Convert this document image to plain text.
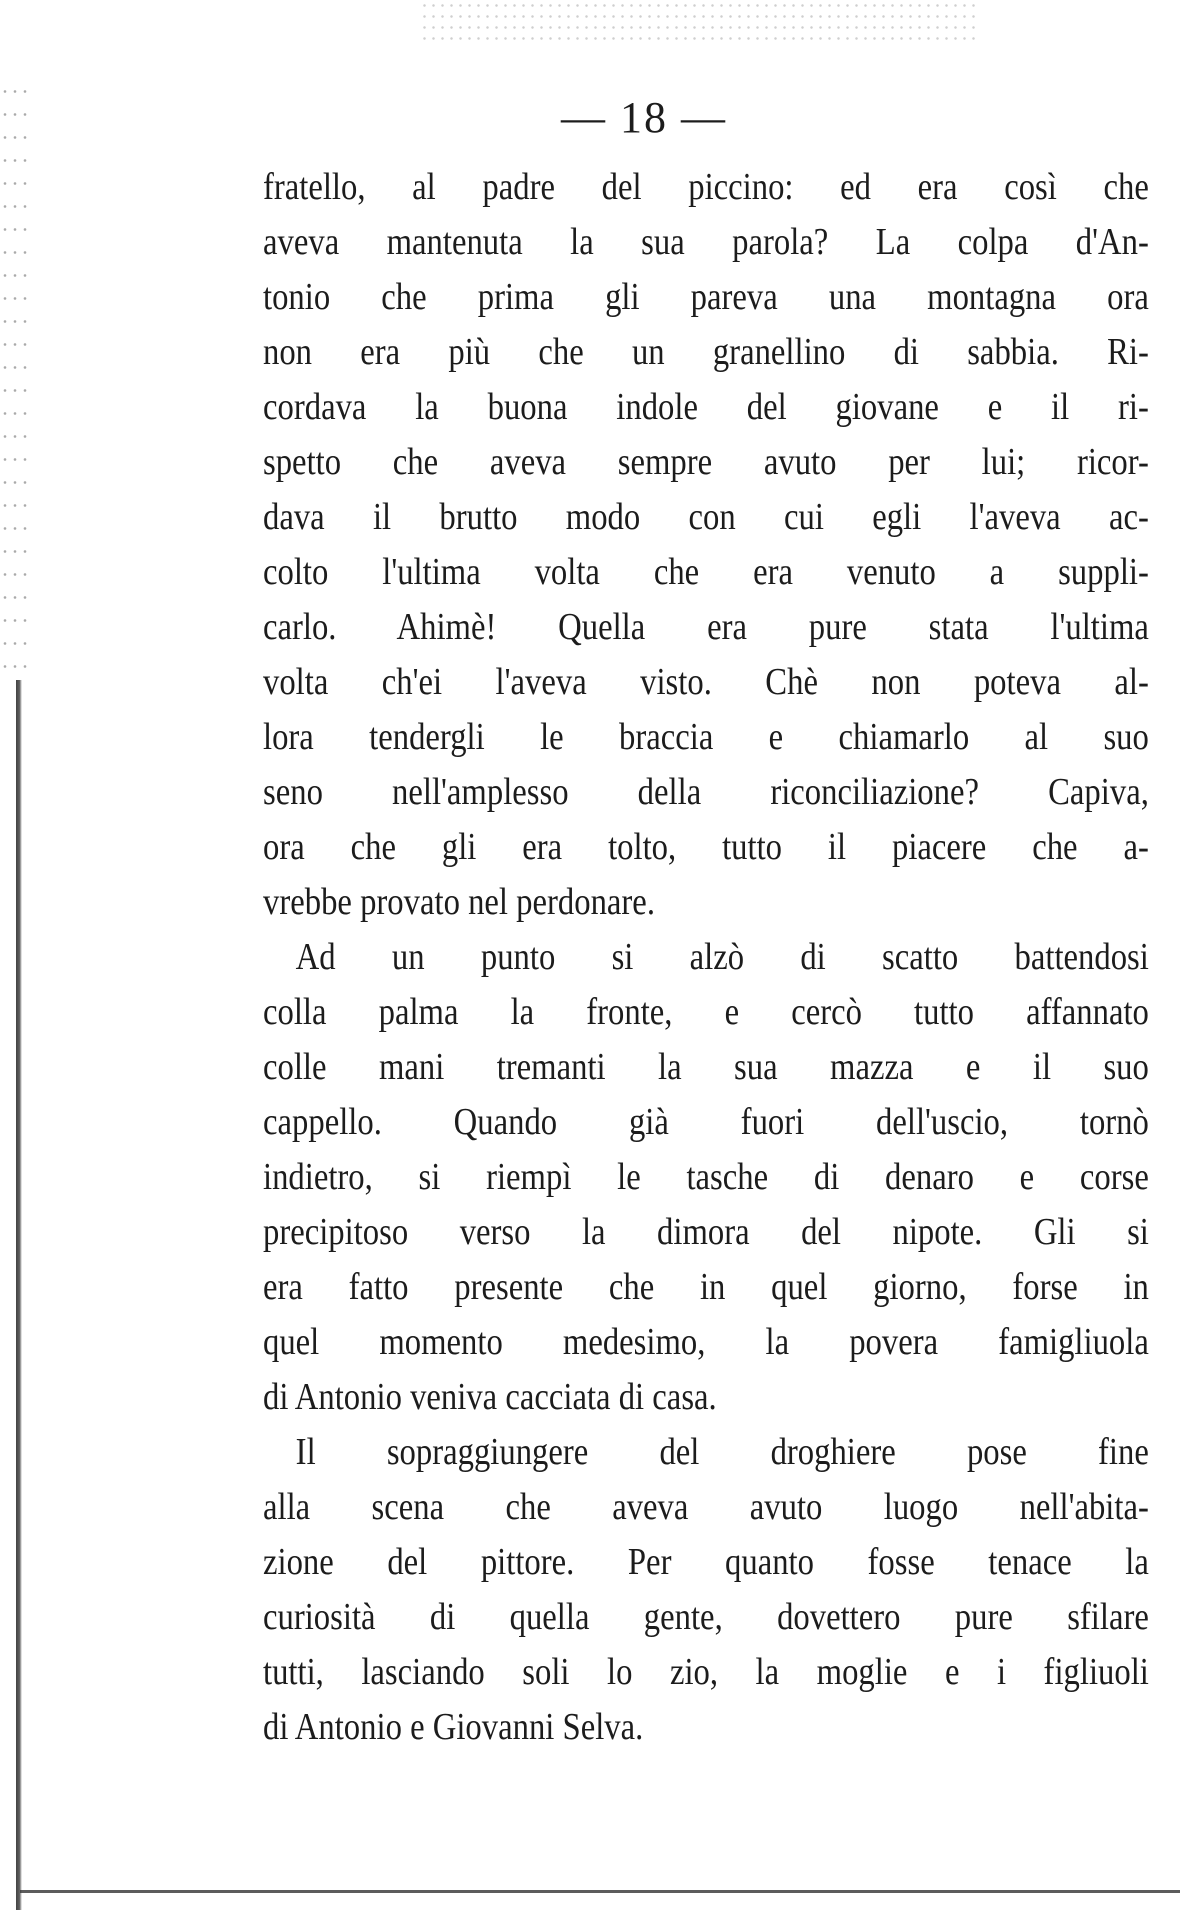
— 18 —
fratello, al padre del piccino: ed era così che
aveva mantenuta la sua parola? La colpa d'An-
tonio che prima gli pareva una montagna ora
non era più che un granellino di sabbia. Ri-
cordava la buona indole del giovane e il ri-
spetto che aveva sempre avuto per lui; ricor-
dava il brutto modo con cui egli l'aveva ac-
colto l'ultima volta che era venuto a suppli-
carlo. Ahimè! Quella era pure stata l'ultima
volta ch'ei l'aveva visto. Chè non poteva al-
lora tendergli le braccia e chiamarlo al suo
seno nell'amplesso della riconciliazione? Capiva,
ora che gli era tolto, tutto il piacere che a-
vrebbe provato nel perdonare.
Ad un punto si alzò di scatto battendosi
colla palma la fronte, e cercò tutto affannato
colle mani tremanti la sua mazza e il suo
cappello. Quando già fuori dell'uscio, tornò
indietro, si riempì le tasche di denaro e corse
precipitoso verso la dimora del nipote. Gli si
era fatto presente che in quel giorno, forse in
quel momento medesimo, la povera famigliuola
di Antonio veniva cacciata di casa.
Il sopraggiungere del droghiere pose fine
alla scena che aveva avuto luogo nell'abita-
zione del pittore. Per quanto fosse tenace la
curiosità di quella gente, dovettero pure sfilare
tutti, lasciando soli lo zio, la moglie e i figliuoli
di Antonio e Giovanni Selva.
